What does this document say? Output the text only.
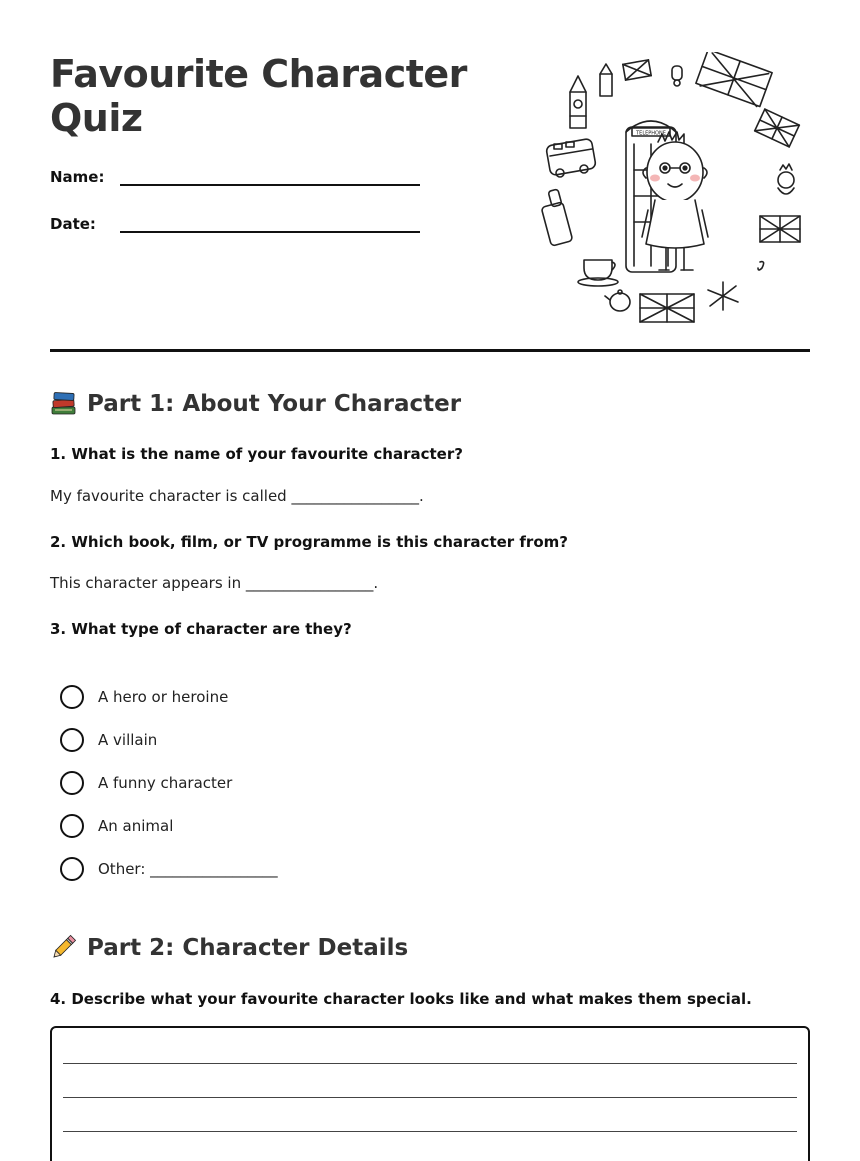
Favourite Character Quiz
Name:
Date:
TELEPHONE
Part 1: About Your Character

1. What is the name of your favourite character?

My favourite character is called _________________.

2. Which book, film, or TV programme is this character from?

This character appears in _________________.

3. What type of character are they?

A hero or heroine
A villain
A funny character
An animal
Other: _________________
Part 2: Character Details

4. Describe what your favourite character looks like and what makes them special.
